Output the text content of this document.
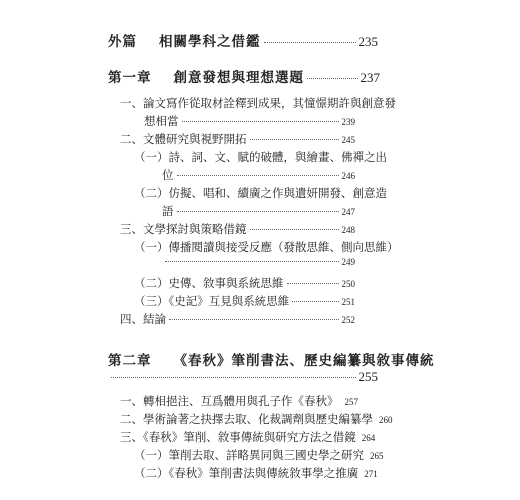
外篇 相關學科之借鑑	235
第一章 創意發想與理想選題	237
一、論文寫作從取材詮釋到成果，其憧憬期許與創意發
想相當	239
二、文體研究與視野開拓	245
（一）詩、詞、文、賦的破體，與繪畫、佛禪之出
位	246
（二）仿擬、唱和、續廣之作與遺妍開發、創意造
語	247
三、文學探討與策略借鏡	248
（一）傳播閱讀與接受反應（發散思維、側向思維）
249
（二）史傳、敘事與系統思維	250
（三）《史記》互見與系統思維	251
四、結論	252
第二章 《春秋》筆削書法、歷史編纂與敘事傳統
255
一、轉相挹注、互爲體用與孔子作《春秋》 257
二、學術論著之抉擇去取、化裁調劑與歷史編纂學 260
三、《春秋》筆削、敘事傳統與研究方法之借鏡 264
（一）筆削去取、詳略異同與三國史學之研究 265
（二）《春秋》筆削書法與傳統敘事學之推廣 271
